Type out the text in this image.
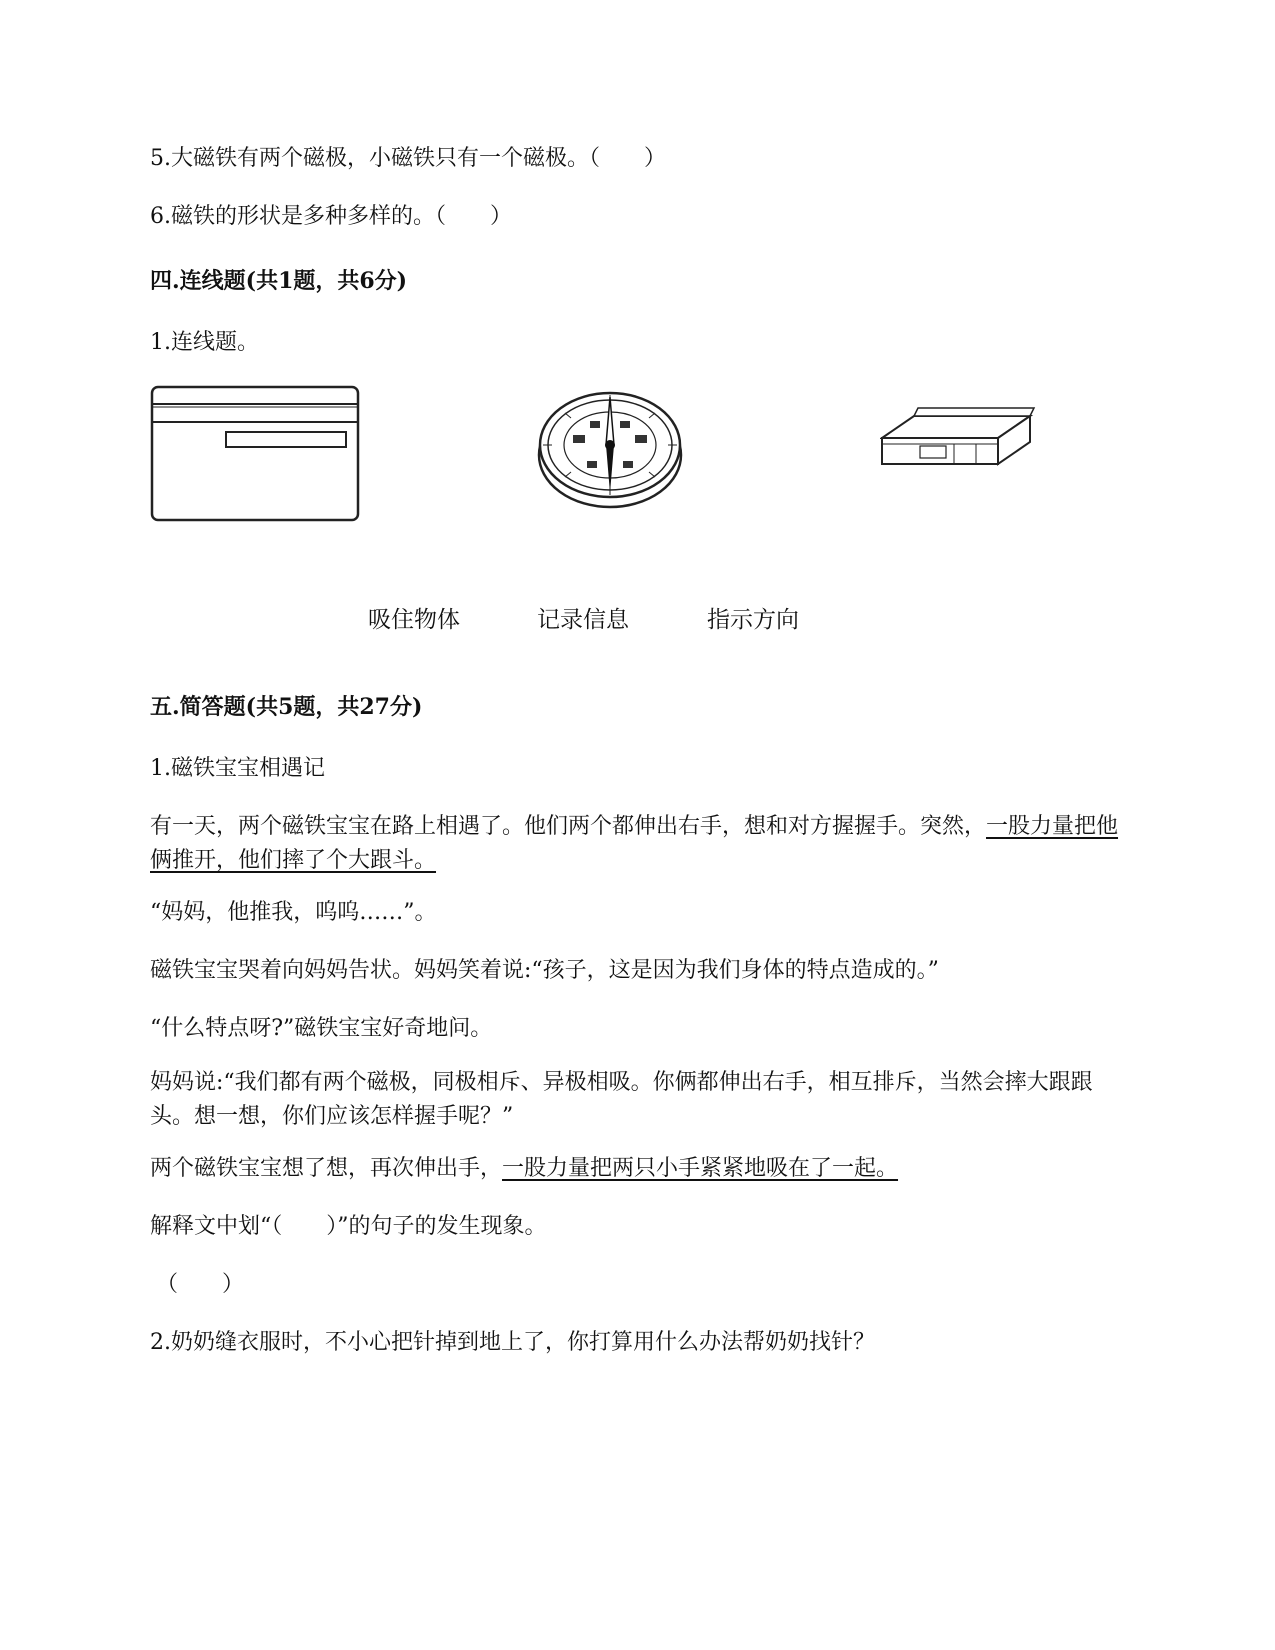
5.大磁铁有两个磁极，小磁铁只有一个磁极。（　　）
6.磁铁的形状是多种多样的。（　　）
四.连线题(共1题，共6分)
1.连线题。
吸住物体	记录信息	指示方向
五.简答题(共5题，共27分)
1.磁铁宝宝相遇记
有一天，两个磁铁宝宝在路上相遇了。他们两个都伸出右手，想和对方握握手。突然，一股力量把他俩推开，他们摔了个大跟斗。
“妈妈，他推我，呜呜……”。
磁铁宝宝哭着向妈妈告状。妈妈笑着说:“孩子，这是因为我们身体的特点造成的。”
“什么特点呀?”磁铁宝宝好奇地问。
妈妈说:“我们都有两个磁极，同极相斥、异极相吸。你俩都伸出右手，相互排斥，当然会摔大跟跟头。想一想，你们应该怎样握手呢？”
两个磁铁宝宝想了想，再次伸出手，一股力量把两只小手紧紧地吸在了一起。
解释文中划“（　　）”的句子的发生现象。
（　　）
2.奶奶缝衣服时，不小心把针掉到地上了，你打算用什么办法帮奶奶找针？
